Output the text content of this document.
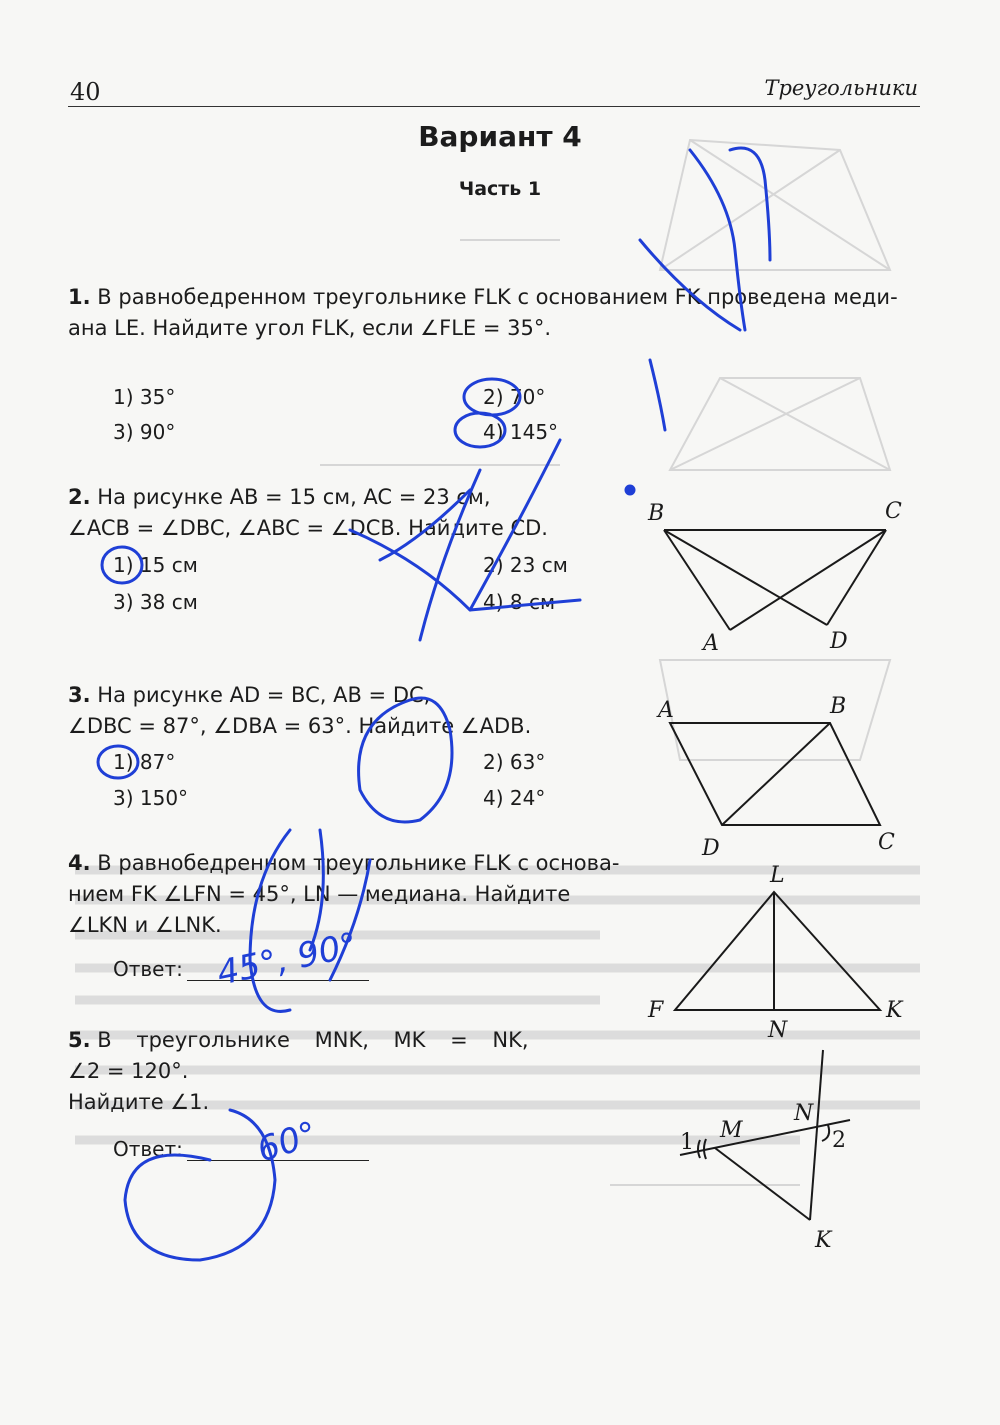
40	Треугольники
Вариант 4
Часть 1
1. В равнобедренном треугольнике FLK с основанием FK проведена меди-
ана LE. Найдите угол FLK, если ∠FLE = 35°.
1) 35°	2) 70°
3) 90°	4) 145°
2. На рисунке AB = 15 см, AC = 23 см,
∠ACB = ∠DBC, ∠ABC = ∠DCB. Найдите CD.
1) 15 см	2) 23 см
3) 38 см	4) 8 см
3. На рисунке AD = BC, AB = DC,
∠DBC = 87°, ∠DBA = 63°. Найдите ∠ADB.
1) 87°	2) 63°
3) 150°	4) 24°
4. В равнобедренном треугольнике FLK с основа-
нием FK ∠LFN = 45°, LN — медиана. Найдите
∠LKN и ∠LNK.
Ответ:
5. В треугольнике MNK, MK = NK,
∠2 = 120°.
Найдите ∠1.
Ответ:
B	C
A	D
A	B
D	C
L
F
N
K
N
M
1	2
K
45°, 90°
60°
